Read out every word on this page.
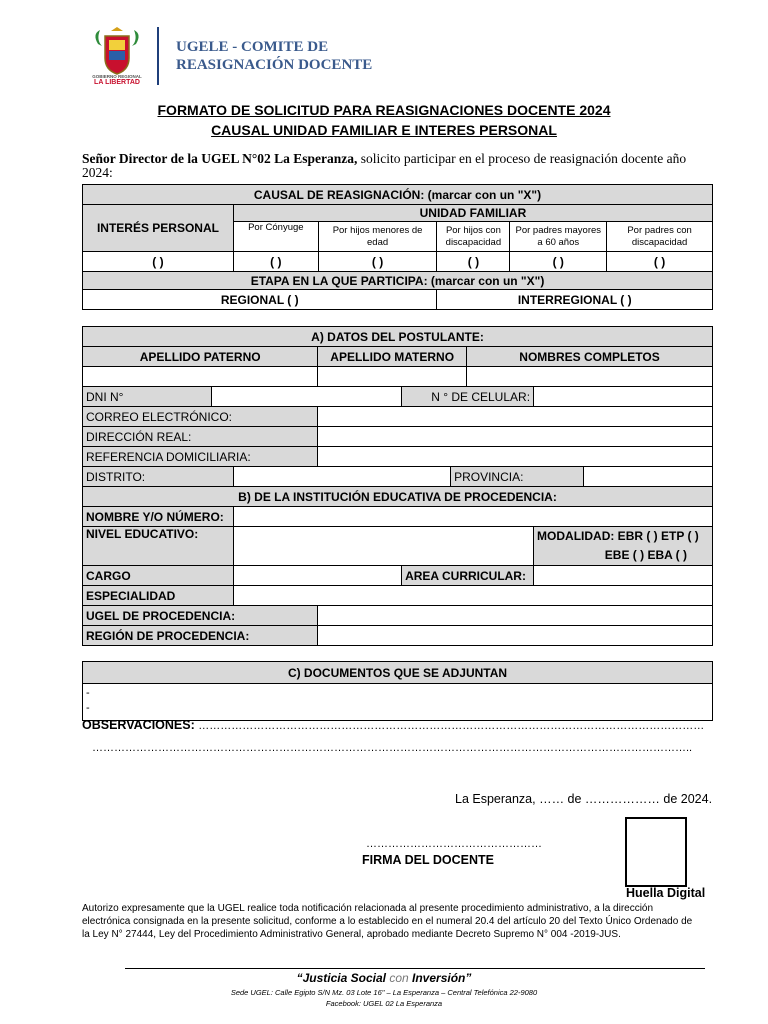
GOBIERNO REGIONAL
LA LIBERTAD
UGELE - COMITE DE
REASIGNACIÓN DOCENTE
FORMATO DE SOLICITUD PARA REASIGNACIONES DOCENTE 2024
CAUSAL UNIDAD FAMILIAR E INTERES PERSONAL
Señor Director de la UGEL N°02 La Esperanza, solicito participar en el proceso de reasignación docente año 2024:
CAUSAL DE REASIGNACIÓN: (marcar con un "X")					
INTERÉS PERSONAL	UNIDAD FAMILIAR				
	Por Cónyuge	Por hijos menores de edad	Por hijos con discapacidad	Por padres mayores a 60 años	Por padres con discapacidad
( )	( )	( )	( )	( )	( )
ETAPA EN LA QUE PARTICIPA: (marcar con un "X")					
REGIONAL ( )			INTERREGIONAL ( )		
A) DATOS DEL POSTULANTE:								
APELLIDO PATERNO			APELLIDO MATERNO			NOMBRES COMPLETOS		

DNI N°				N ° DE CELULAR:				
CORREO ELECTRÓNICO:								
DIRECCIÓN REAL:								
REFERENCIA DOMICILIARIA:								
DISTRITO:					PROVINCIA:			
B) DE LA INSTITUCIÓN EDUCATIVA DE PROCEDENCIA:								
NOMBRE Y/O NÚMERO:								
NIVEL EDUCATIVO:							MODALIDAD: EBR ( ) ETP ( )
EBE ( ) EBA ( )	

CARGO				AREA CURRICULAR:				
ESPECIALIDAD								
UGEL DE PROCEDENCIA:								
REGIÓN DE PROCEDENCIA:								
C) DOCUMENTOS QUE SE ADJUNTAN

-
-
OBSERVACIONES: …………………………………………………………………………………………………………………………
………………………………………………………………………………………………………………………………………………..
La Esperanza, …… de ……………… de 2024.
…………………………………………
FIRMA DEL DOCENTE
Huella Digital
Autorizo expresamente que la UGEL realice toda notificación relacionada al presente procedimiento administrativo, a la dirección electrónica consignada en la presente solicitud, conforme a lo establecido en el numeral 20.4 del artículo 20 del Texto Único Ordenado de la Ley N° 27444, Ley del Procedimiento Administrativo General, aprobado mediante Decreto Supremo N° 004 -2019-JUS.
“Justicia Social con Inversión”
Sede UGEL: Calle Egipto S/N Mz. 03 Lote 16" – La Esperanza – Central Telefónica 22-9080
Facebook: UGEL 02 La Esperanza
